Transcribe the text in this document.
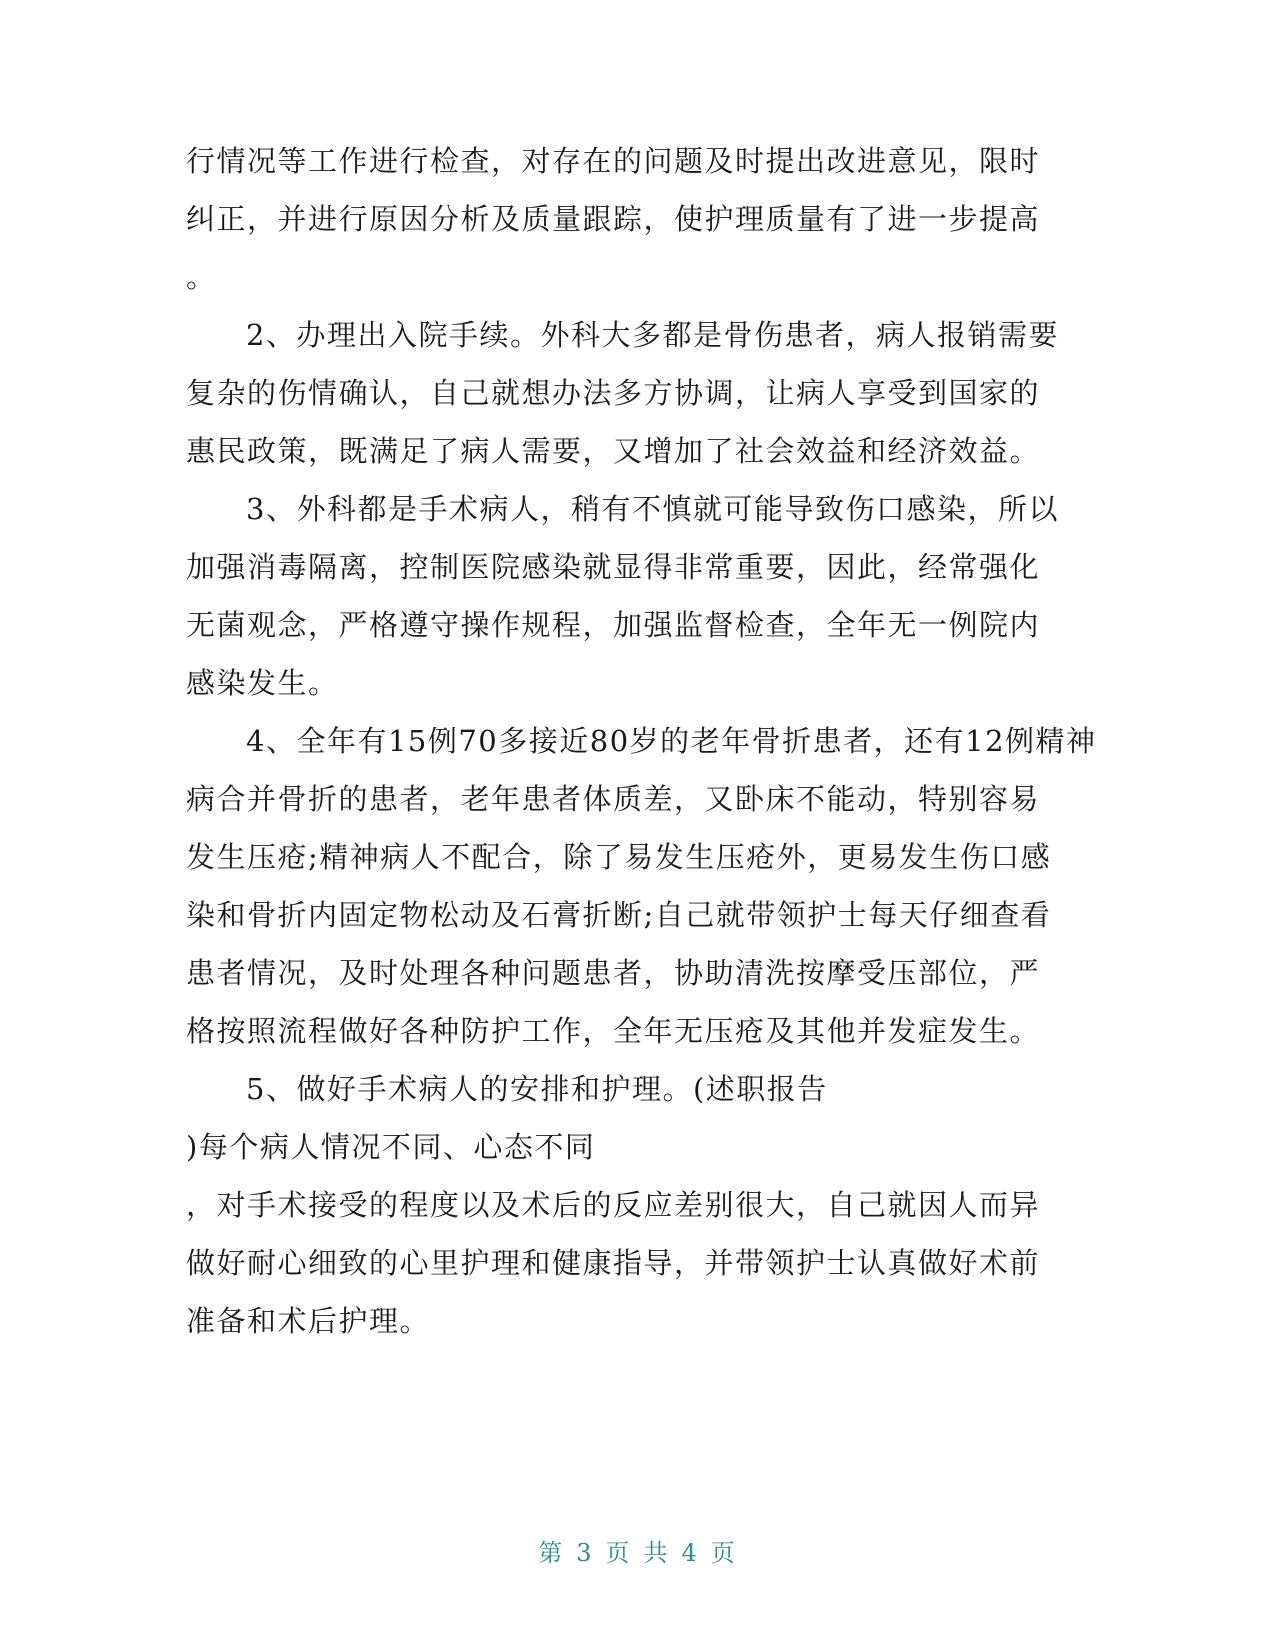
行情况等工作进行检查，对存在的问题及时提出改进意见，限时
纠正，并进行原因分析及质量跟踪，使护理质量有了进一步提高
。
2、办理出入院手续。外科大多都是骨伤患者，病人报销需要
复杂的伤情确认，自己就想办法多方协调，让病人享受到国家的
惠民政策，既满足了病人需要，又增加了社会效益和经济效益。
3、外科都是手术病人，稍有不慎就可能导致伤口感染，所以
加强消毒隔离，控制医院感染就显得非常重要，因此，经常强化
无菌观念，严格遵守操作规程，加强监督检查，全年无一例院内
感染发生。
4、全年有15例70多接近80岁的老年骨折患者，还有12例精神
病合并骨折的患者，老年患者体质差，又卧床不能动，特别容易
发生压疮;精神病人不配合，除了易发生压疮外，更易发生伤口感
染和骨折内固定物松动及石膏折断;自己就带领护士每天仔细查看
患者情况，及时处理各种问题患者，协助清洗按摩受压部位，严
格按照流程做好各种防护工作，全年无压疮及其他并发症发生。
5、做好手术病人的安排和护理。(述职报告
)每个病人情况不同、心态不同
，对手术接受的程度以及术后的反应差别很大，自己就因人而异
做好耐心细致的心里护理和健康指导，并带领护士认真做好术前
准备和术后护理。
第 3 页 共 4 页
